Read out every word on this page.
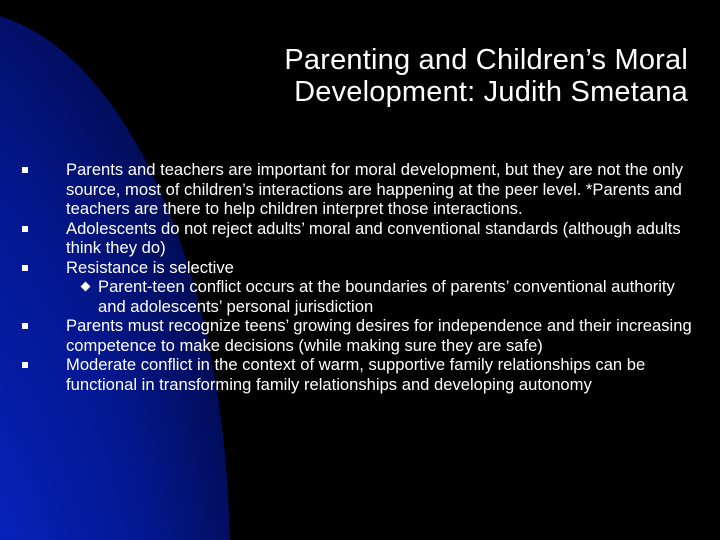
Parenting and Children’s Moral
Development: Judith Smetana
Parents and teachers are important for moral development, but they are not the only source, most of children’s interactions are happening at the peer level. *Parents and teachers are there to help children interpret those interactions.
Adolescents do not reject adults’ moral and conventional standards (although adults think they do)
Resistance is selective
Parent-teen conflict occurs at the boundaries of parents’ conventional authority and adolescents’ personal jurisdiction
Parents must recognize teens’ growing desires for independence and their increasing competence to make decisions (while making sure they are safe)
Moderate conflict in the context of warm, supportive family relationships can be functional in transforming family relationships and developing autonomy
